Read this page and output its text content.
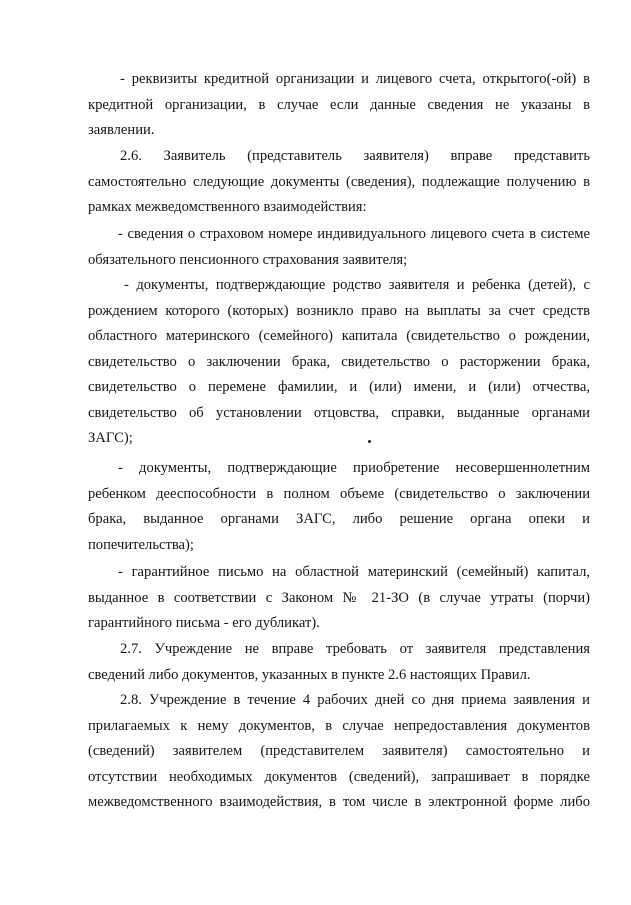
- реквизиты кредитной организации и лицевого счета, открытого(-ой) в
кредитной организации, в случае если данные сведения не указаны в
заявлении.
2.6. Заявитель (представитель заявителя) вправе представить
самостоятельно следующие документы (сведения), подлежащие получению в
рамках межведомственного взаимодействия:
- сведения о страховом номере индивидуального лицевого счета в системе
обязательного пенсионного страхования заявителя;
- документы, подтверждающие родство заявителя и ребенка (детей), с
рождением которого (которых) возникло право на выплаты за счет средств
областного материнского (семейного) капитала (свидетельство о рождении,
свидетельство о заключении брака, свидетельство о расторжении брака,
свидетельство о перемене фамилии, и (или) имени, и (или) отчества,
свидетельство об установлении отцовства, справки, выданные органами
ЗАГС);
- документы, подтверждающие приобретение несовершеннолетним
ребенком дееспособности в полном объеме (свидетельство о заключении
брака, выданное органами ЗАГС, либо решение органа опеки и
попечительства);
- гарантийное письмо на областной материнский (семейный) капитал,
выданное в соответствии с Законом № 21-ЗО (в случае утраты (порчи)
гарантийного письма - его дубликат).
2.7. Учреждение не вправе требовать от заявителя представления
сведений либо документов, указанных в пункте 2.6 настоящих Правил.
2.8. Учреждение в течение 4 рабочих дней со дня приема заявления и
прилагаемых к нему документов, в случае непредоставления документов
(сведений) заявителем (представителем заявителя) самостоятельно и
отсутствии необходимых документов (сведений), запрашивает в порядке
межведомственного взаимодействия, в том числе в электронной форме либо
